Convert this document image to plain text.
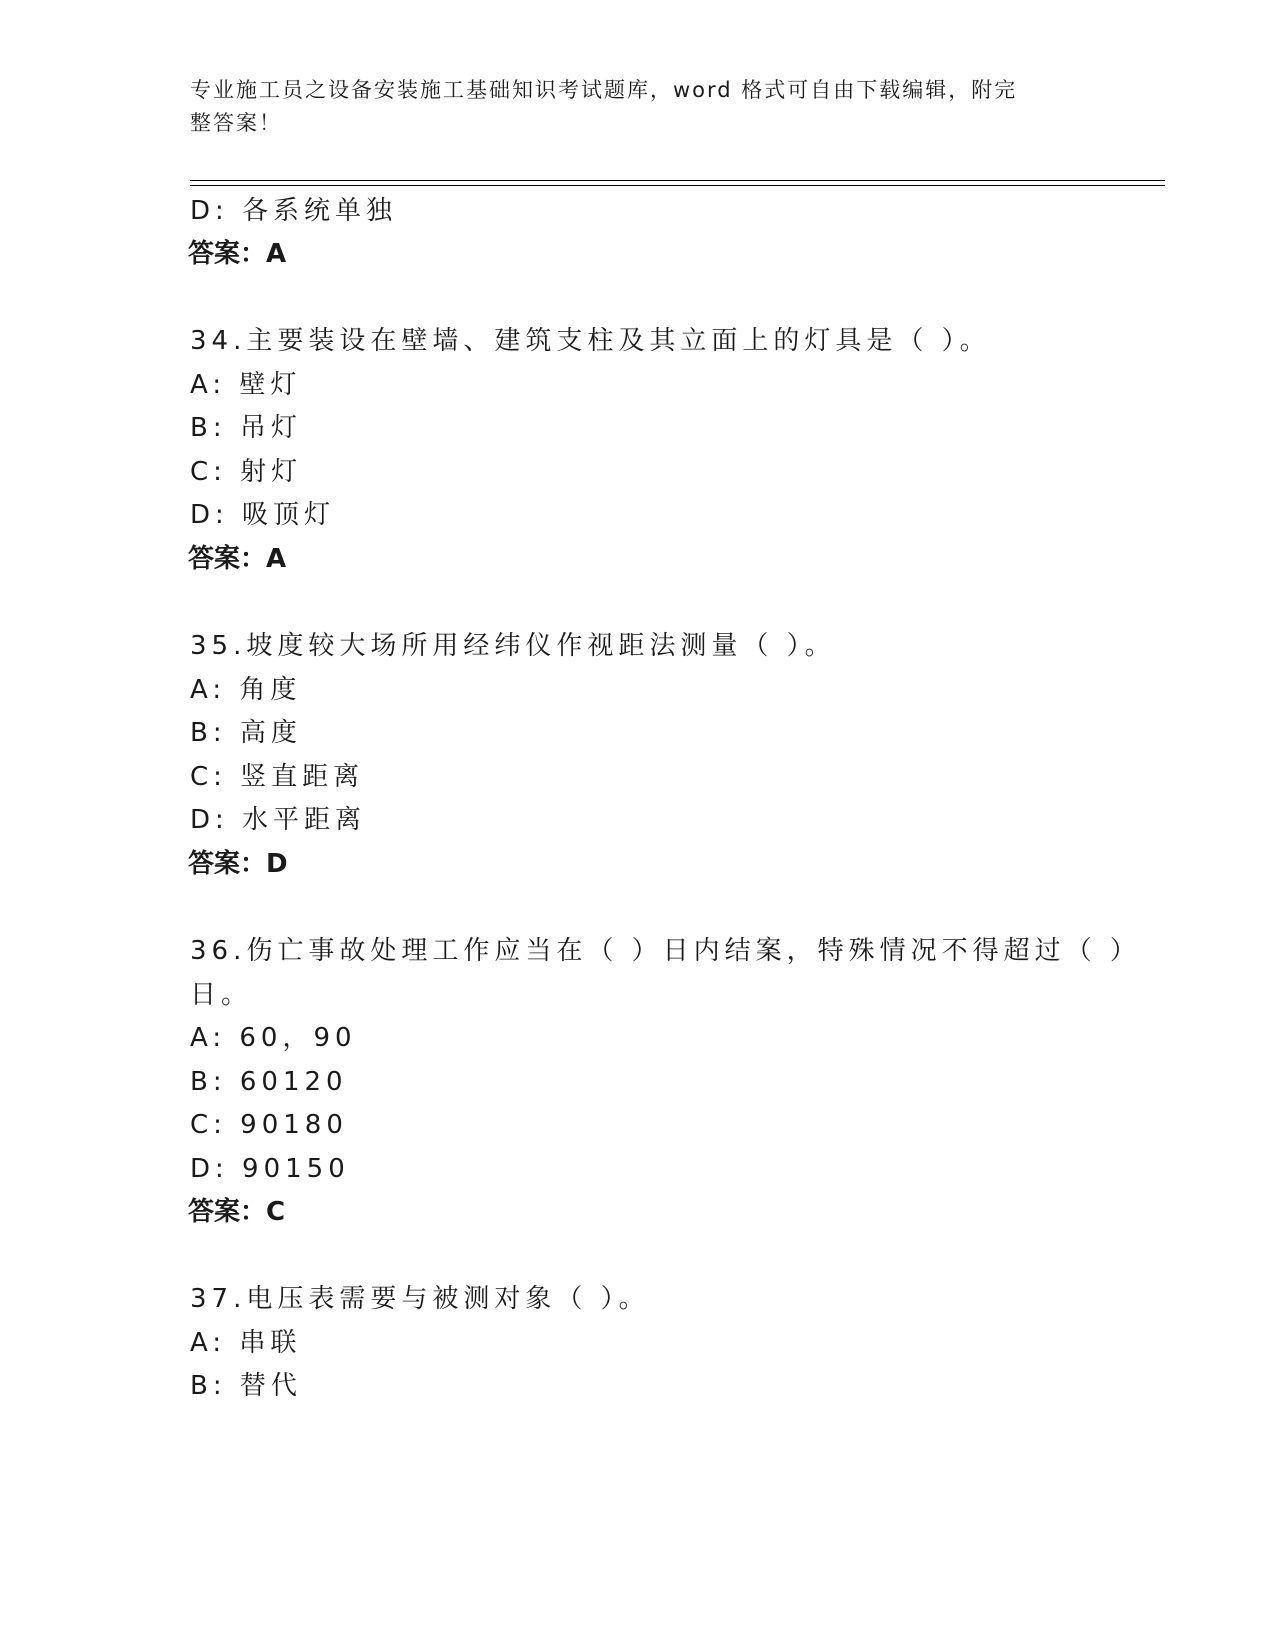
专业施工员之设备安装施工基础知识考试题库，word 格式可自由下载编辑，附完
整答案！
D: 各系统单独
答案：A
34.主要装设在壁墙、建筑支柱及其立面上的灯具是（ ）。
A: 壁灯
B: 吊灯
C: 射灯
D: 吸顶灯
答案：A
35.坡度较大场所用经纬仪作视距法测量（ ）。
A: 角度
B: 高度
C: 竖直距离
D: 水平距离
答案：D
36.伤亡事故处理工作应当在（ ）日内结案，特殊情况不得超过（ ）
日。
A: 60，90
B: 60120
C: 90180
D: 90150
答案：C
37.电压表需要与被测对象（ ）。
A: 串联
B: 替代
